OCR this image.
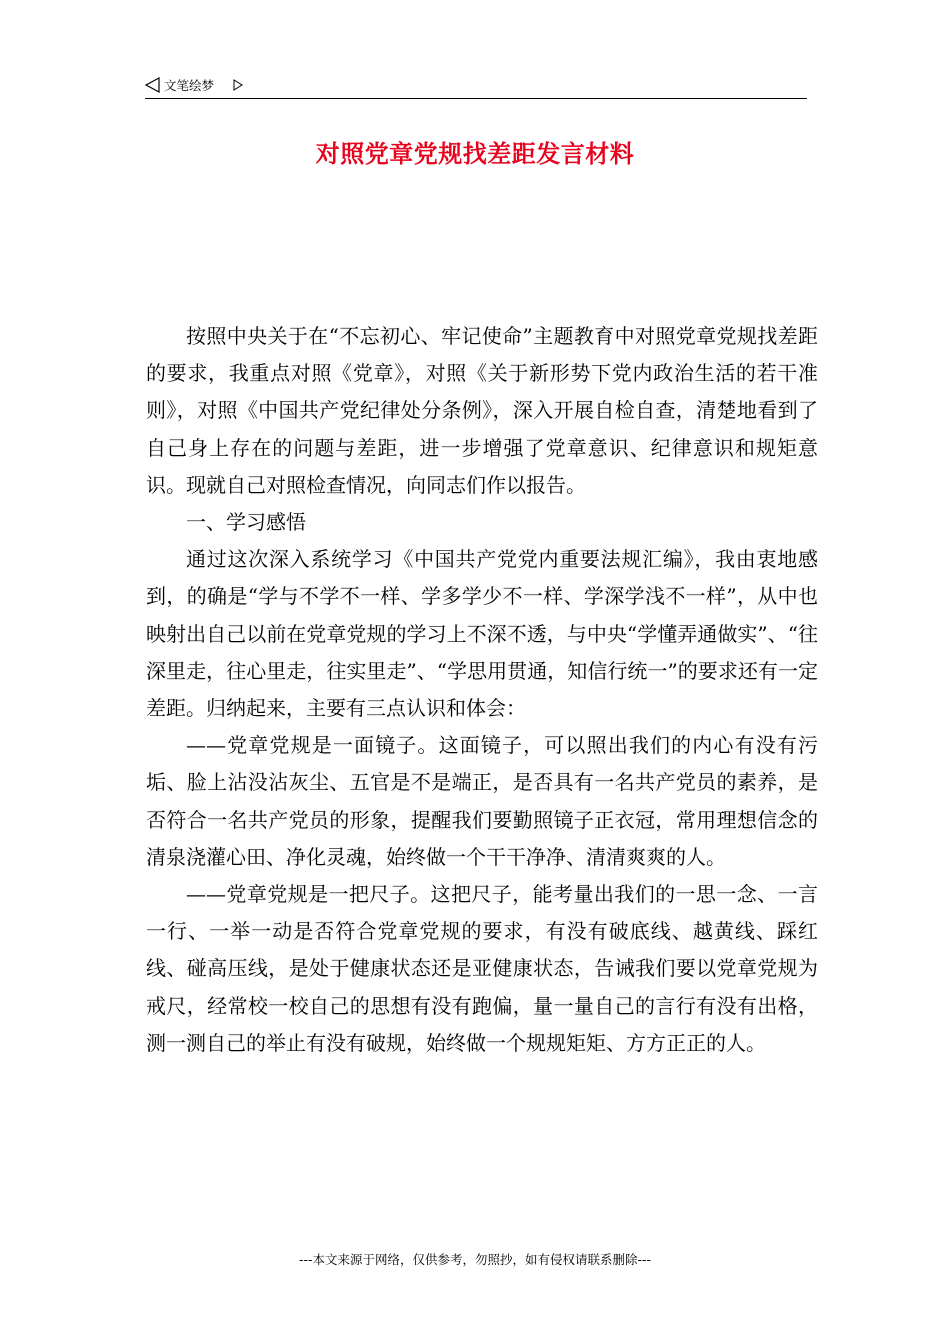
文笔绘梦
对照党章党规找差距发言材料

按照中央关于在“不忘初心、牢记使命”主题教育中对照党章党规找差距的要求，我重点对照《党章》，对照《关于新形势下党内政治生活的若干准则》，对照《中国共产党纪律处分条例》，深入开展自检自查，清楚地看到了自己身上存在的问题与差距，进一步增强了党章意识、纪律意识和规矩意识。现就自己对照检查情况，向同志们作以报告。

一、学习感悟

通过这次深入系统学习《中国共产党党内重要法规汇编》，我由衷地感到，的确是“学与不学不一样、学多学少不一样、学深学浅不一样”，从中也映射出自己以前在党章党规的学习上不深不透，与中央“学懂弄通做实”、“往深里走，往心里走，往实里走”、“学思用贯通，知信行统一”的要求还有一定差距。归纳起来，主要有三点认识和体会：

——党章党规是一面镜子。这面镜子，可以照出我们的内心有没有污垢、脸上沾没沾灰尘、五官是不是端正，是否具有一名共产党员的素养，是否符合一名共产党员的形象，提醒我们要勤照镜子正衣冠，常用理想信念的清泉浇灌心田、净化灵魂，始终做一个干干净净、清清爽爽的人。

——党章党规是一把尺子。这把尺子，能考量出我们的一思一念、一言一行、一举一动是否符合党章党规的要求，有没有破底线、越黄线、踩红线、碰高压线，是处于健康状态还是亚健康状态，告诫我们要以党章党规为戒尺，经常校一校自己的思想有没有跑偏，量一量自己的言行有没有出格，测一测自己的举止有没有破规，始终做一个规规矩矩、方方正正的人。

---本文来源于网络，仅供参考，勿照抄，如有侵权请联系删除---
